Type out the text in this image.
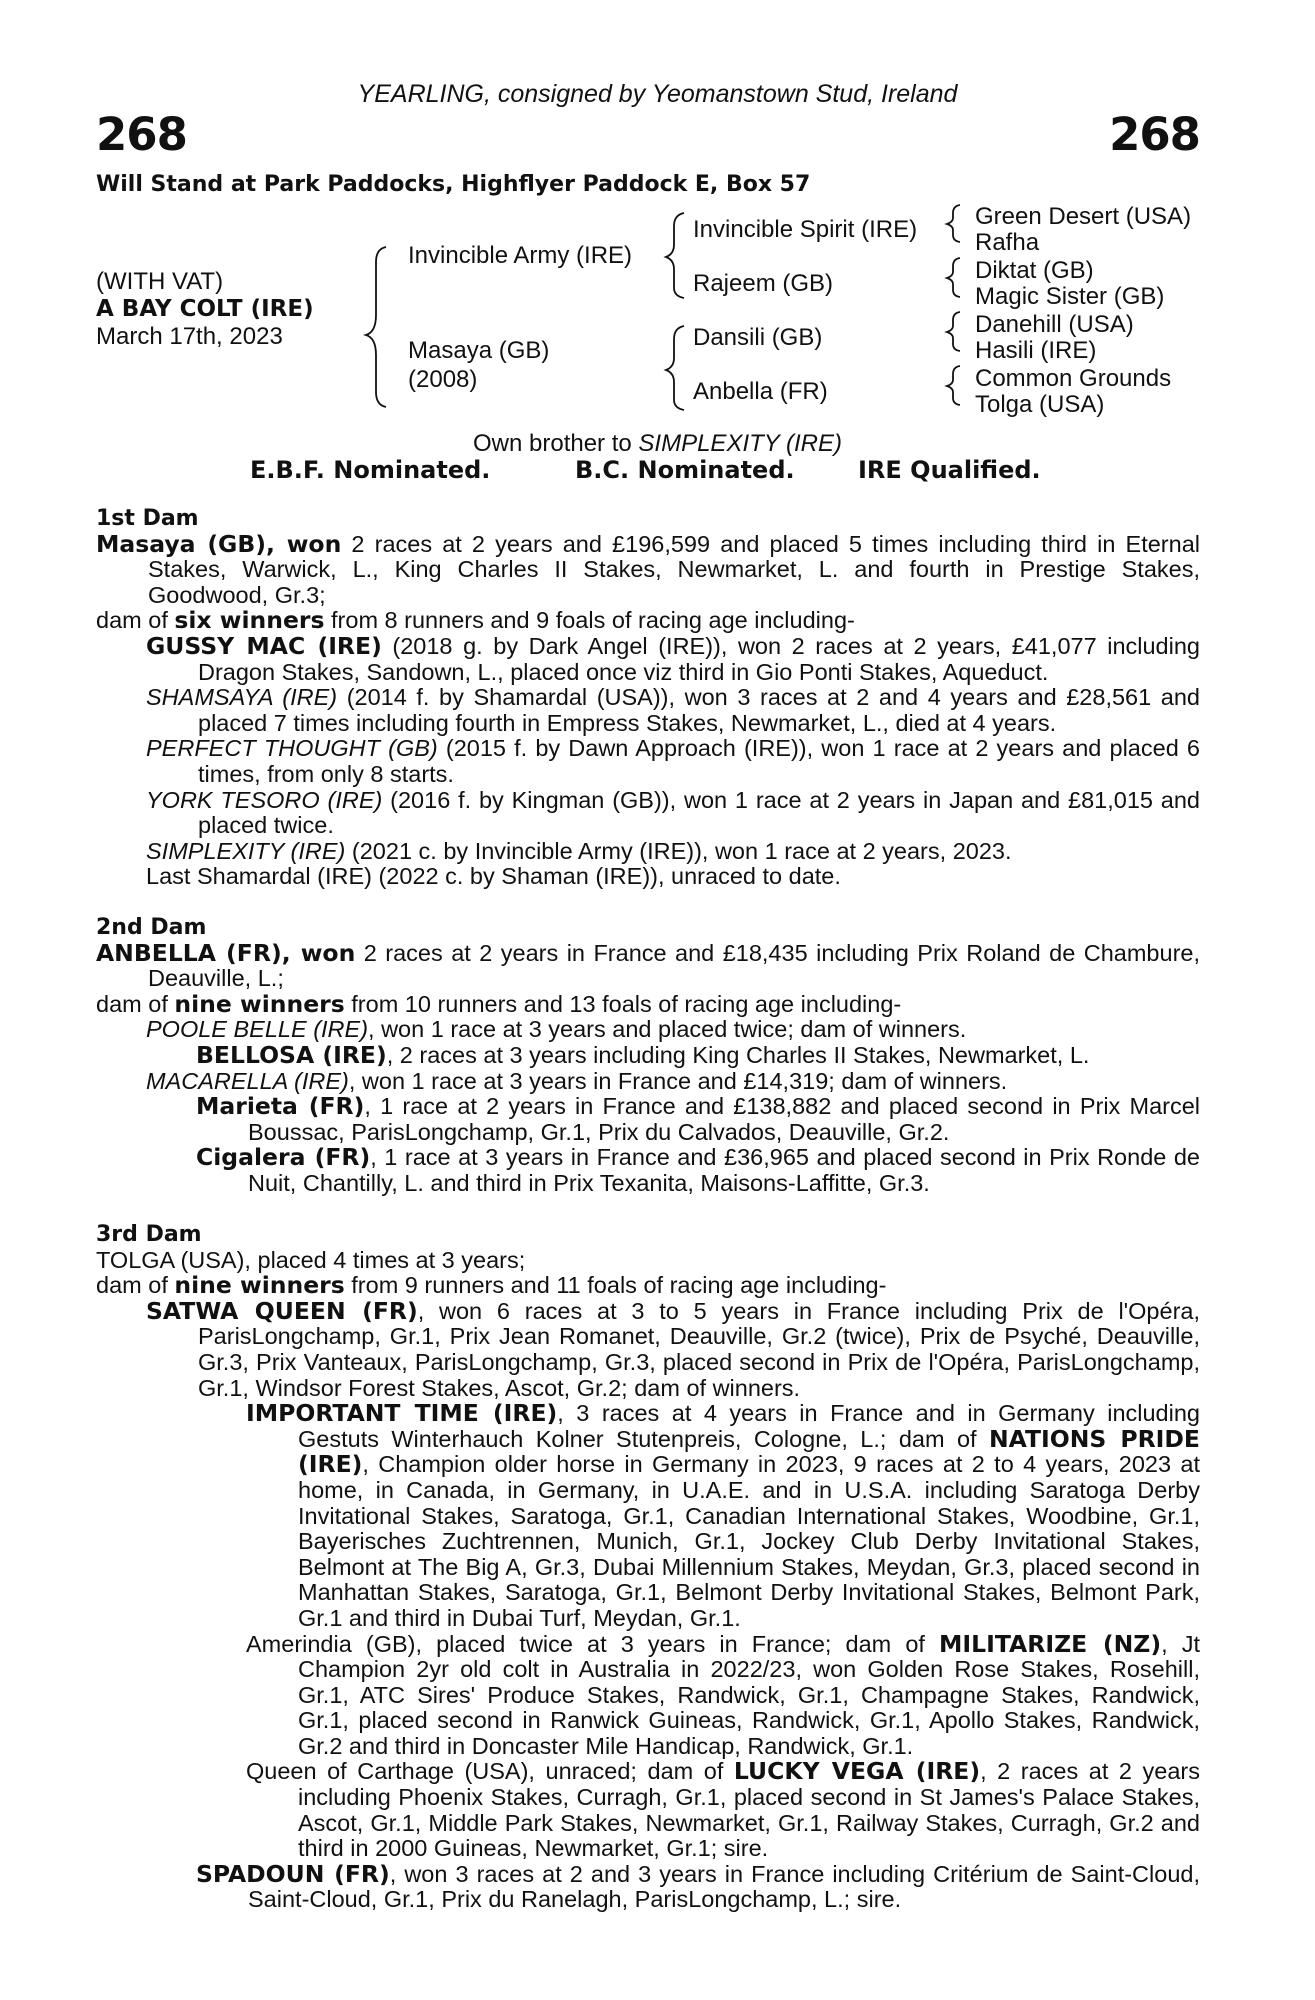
YEARLING, consigned by Yeomanstown Stud, Ireland
268	268
Will Stand at Park Paddocks, Highflyer Paddock E, Box 57
(WITH VAT)
A BAY COLT (IRE)
March 17th, 2023
Invincible Army (IRE)
Masaya (GB)
(2008)
Invincible Spirit (IRE)
Rajeem (GB)
Dansili (GB)
Anbella (FR)
Green Desert (USA)
Rafha
Diktat (GB)
Magic Sister (GB)
Danehill (USA)
Hasili (IRE)
Common Grounds
Tolga (USA)
Own brother to SIMPLEXITY (IRE)
E.B.F. Nominated.	B.C. Nominated.	IRE Qualified.
1st Dam
Masaya (GB), won 2 races at 2 years and £196,599 and placed 5 times including third in Eternal Stakes, Warwick, L., King Charles II Stakes, Newmarket, L. and fourth in Prestige Stakes, Goodwood, Gr.3;
dam of six winners from 8 runners and 9 foals of racing age including-
GUSSY MAC (IRE) (2018 g. by Dark Angel (IRE)), won 2 races at 2 years, £41,077 including Dragon Stakes, Sandown, L., placed once viz third in Gio Ponti Stakes, Aqueduct.
SHAMSAYA (IRE) (2014 f. by Shamardal (USA)), won 3 races at 2 and 4 years and £28,561 and placed 7 times including fourth in Empress Stakes, Newmarket, L., died at 4 years.
PERFECT THOUGHT (GB) (2015 f. by Dawn Approach (IRE)), won 1 race at 2 years and placed 6 times, from only 8 starts.
YORK TESORO (IRE) (2016 f. by Kingman (GB)), won 1 race at 2 years in Japan and £81,015 and placed twice.
SIMPLEXITY (IRE) (2021 c. by Invincible Army (IRE)), won 1 race at 2 years, 2023.
Last Shamardal (IRE) (2022 c. by Shaman (IRE)), unraced to date.
2nd Dam
ANBELLA (FR), won 2 races at 2 years in France and £18,435 including Prix Roland de Chambure, Deauville, L.;
dam of nine winners from 10 runners and 13 foals of racing age including-
POOLE BELLE (IRE), won 1 race at 3 years and placed twice; dam of winners.
BELLOSA (IRE), 2 races at 3 years including King Charles II Stakes, Newmarket, L.
MACARELLA (IRE), won 1 race at 3 years in France and £14,319; dam of winners.
Marieta (FR), 1 race at 2 years in France and £138,882 and placed second in Prix Marcel Boussac, ParisLongchamp, Gr.1, Prix du Calvados, Deauville, Gr.2.
Cigalera (FR), 1 race at 3 years in France and £36,965 and placed second in Prix Ronde de Nuit, Chantilly, L. and third in Prix Texanita, Maisons-Laffitte, Gr.3.
3rd Dam
TOLGA (USA), placed 4 times at 3 years;
dam of nine winners from 9 runners and 11 foals of racing age including-
SATWA QUEEN (FR), won 6 races at 3 to 5 years in France including Prix de l'Opéra, ParisLongchamp, Gr.1, Prix Jean Romanet, Deauville, Gr.2 (twice), Prix de Psyché, Deauville, Gr.3, Prix Vanteaux, ParisLongchamp, Gr.3, placed second in Prix de l'Opéra, ParisLongchamp, Gr.1, Windsor Forest Stakes, Ascot, Gr.2; dam of winners.
IMPORTANT TIME (IRE), 3 races at 4 years in France and in Germany including Gestuts Winterhauch Kolner Stutenpreis, Cologne, L.; dam of NATIONS PRIDE (IRE), Champion older horse in Germany in 2023, 9 races at 2 to 4 years, 2023 at home, in Canada, in Germany, in U.A.E. and in U.S.A. including Saratoga Derby Invitational Stakes, Saratoga, Gr.1, Canadian International Stakes, Woodbine, Gr.1, Bayerisches Zuchtrennen, Munich, Gr.1, Jockey Club Derby Invitational Stakes, Belmont at The Big A, Gr.3, Dubai Millennium Stakes, Meydan, Gr.3, placed second in Manhattan Stakes, Saratoga, Gr.1, Belmont Derby Invitational Stakes, Belmont Park, Gr.1 and third in Dubai Turf, Meydan, Gr.1.
Amerindia (GB), placed twice at 3 years in France; dam of MILITARIZE (NZ), Jt Champion 2yr old colt in Australia in 2022/23, won Golden Rose Stakes, Rosehill, Gr.1, ATC Sires' Produce Stakes, Randwick, Gr.1, Champagne Stakes, Randwick, Gr.1, placed second in Ranwick Guineas, Randwick, Gr.1, Apollo Stakes, Randwick, Gr.2 and third in Doncaster Mile Handicap, Randwick, Gr.1.
Queen of Carthage (USA), unraced; dam of LUCKY VEGA (IRE), 2 races at 2 years including Phoenix Stakes, Curragh, Gr.1, placed second in St James's Palace Stakes, Ascot, Gr.1, Middle Park Stakes, Newmarket, Gr.1, Railway Stakes, Curragh, Gr.2 and third in 2000 Guineas, Newmarket, Gr.1; sire.
SPADOUN (FR), won 3 races at 2 and 3 years in France including Critérium de Saint-Cloud, Saint-Cloud, Gr.1, Prix du Ranelagh, ParisLongchamp, L.; sire.
